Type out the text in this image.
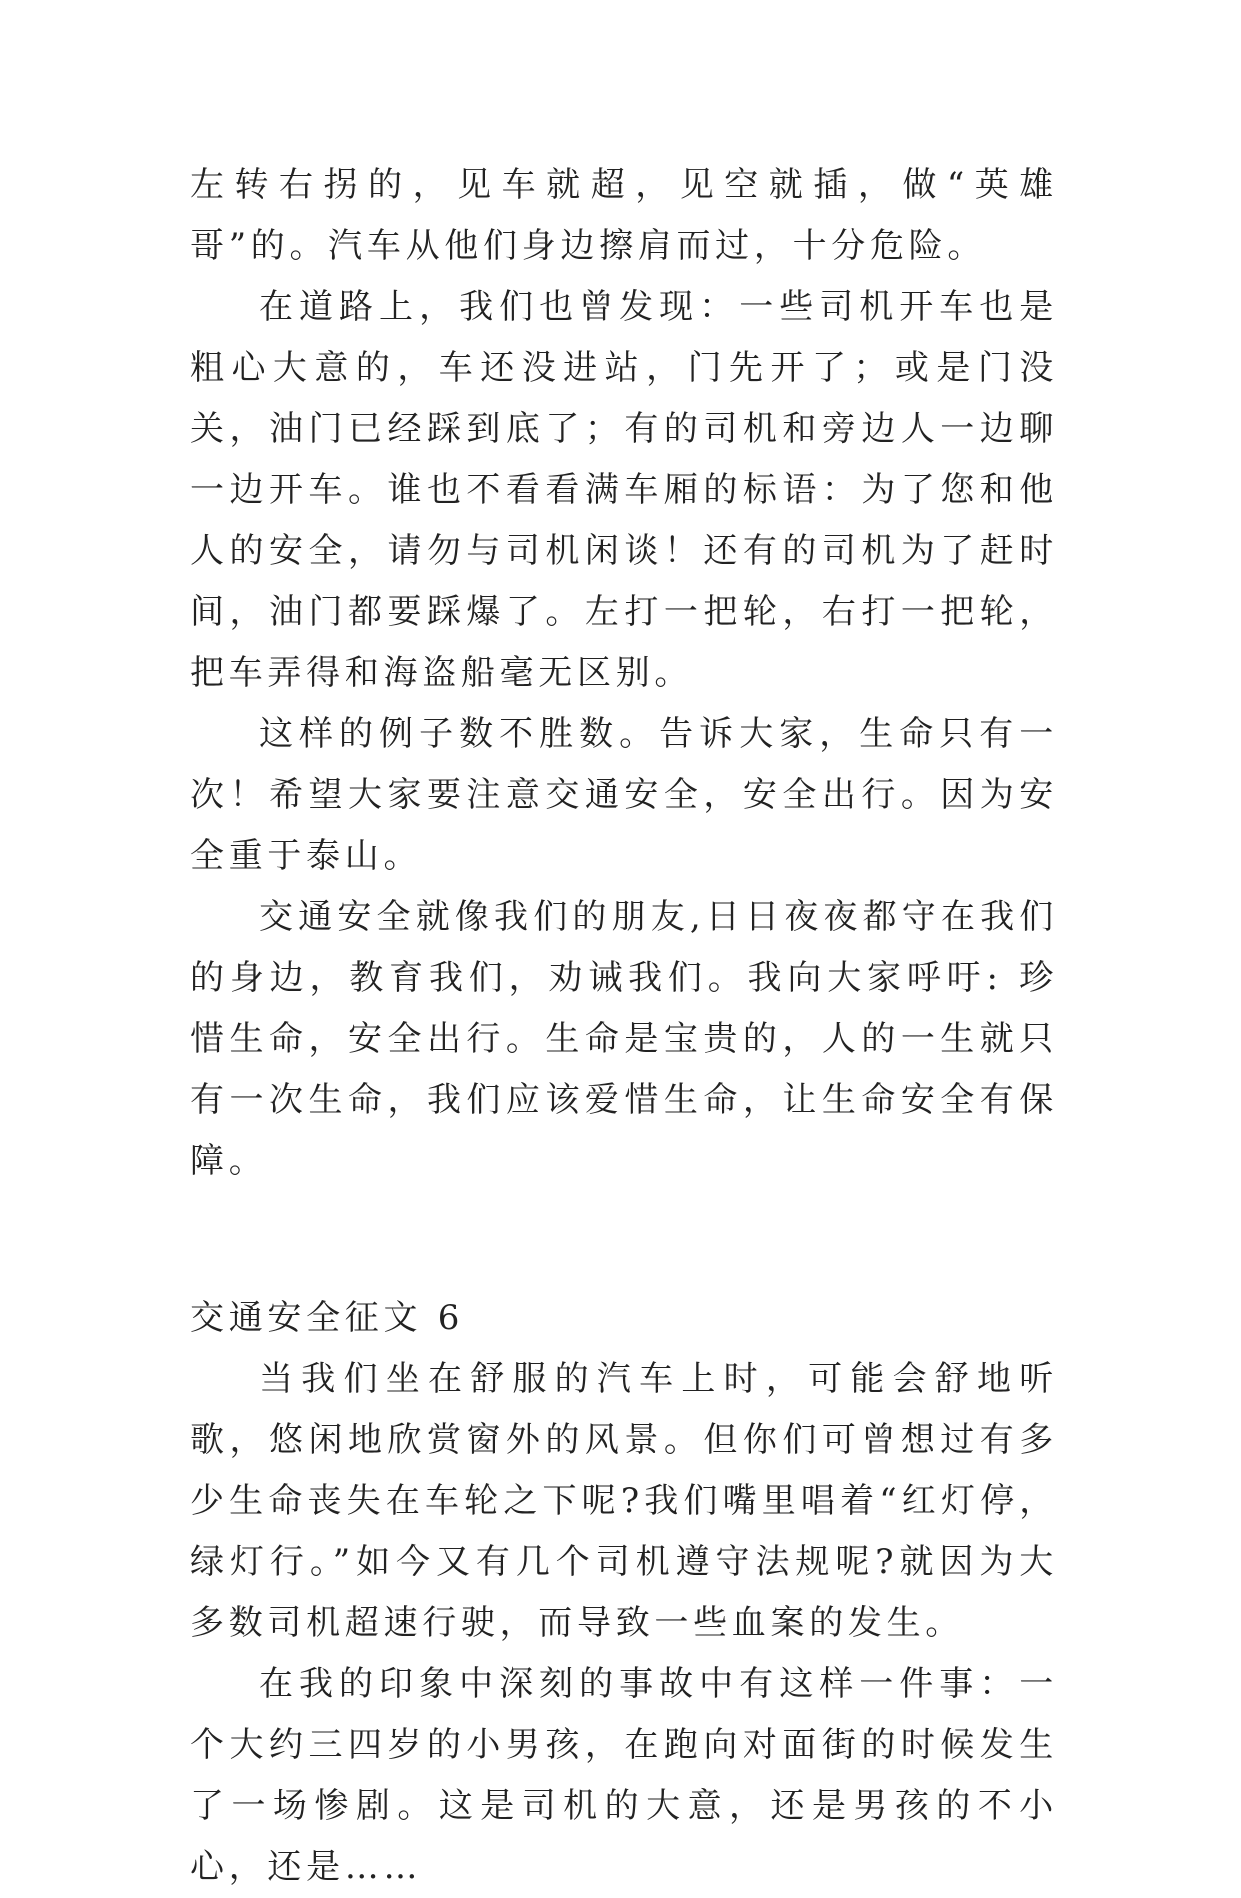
左转右拐的，见车就超，见空就插，做“英雄哥”的。汽车从他们身边擦肩而过，十分危险。

在道路上，我们也曾发现：一些司机开车也是粗心大意的，车还没进站，门先开了；或是门没关，油门已经踩到底了；有的司机和旁边人一边聊一边开车。谁也不看看满车厢的标语：为了您和他人的安全，请勿与司机闲谈！还有的司机为了赶时间，油门都要踩爆了。左打一把轮，右打一把轮，把车弄得和海盗船毫无区别。

这样的例子数不胜数。告诉大家，生命只有一次！希望大家要注意交通安全，安全出行。因为安全重于泰山。

交通安全就像我们的朋友,日日夜夜都守在我们的身边，教育我们，劝诫我们。我向大家呼吁: 珍惜生命，安全出行。生命是宝贵的，人的一生就只有一次生命，我们应该爱惜生命，让生命安全有保障。

交通安全征文 6

当我们坐在舒服的汽车上时，可能会舒地听歌，悠闲地欣赏窗外的风景。但你们可曾想过有多少生命丧失在车轮之下呢?我们嘴里唱着“红灯停，绿灯行。”如今又有几个司机遵守法规呢?就因为大多数司机超速行驶，而导致一些血案的发生。

在我的印象中深刻的事故中有这样一件事：一个大约三四岁的小男孩，在跑向对面街的时候发生了一场惨剧。这是司机的大意，还是男孩的不小心，还是……
